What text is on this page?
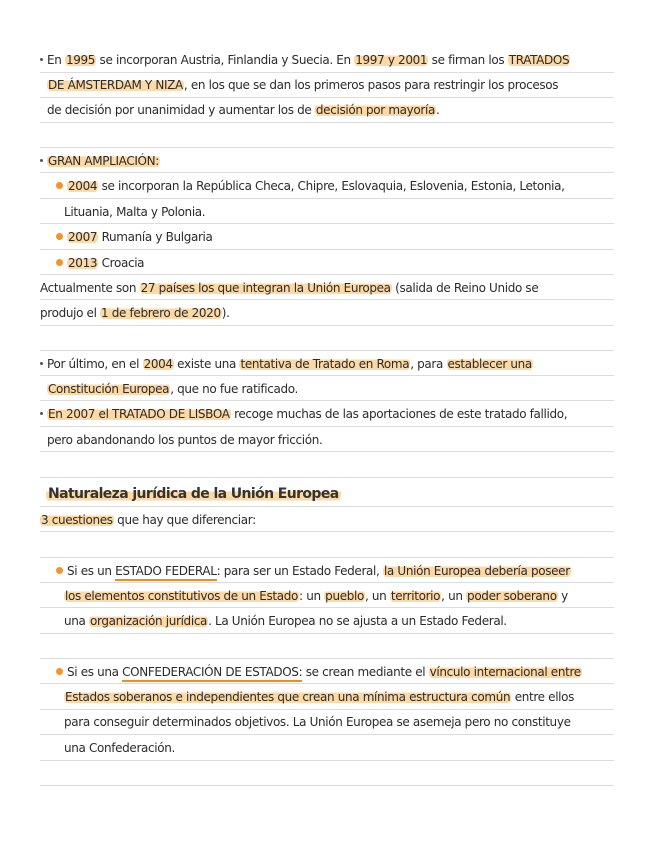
En 1995 se incorporan Austria, Finlandia y Suecia. En 1997 y 2001 se firman los TRATADOS
DE ÁMSTERDAM Y NIZA, en los que se dan los primeros pasos para restringir los procesos
de decisión por unanimidad y aumentar los de decisión por mayoría.
GRAN AMPLIACIÓN:
2004 se incorporan la República Checa, Chipre, Eslovaquia, Eslovenia, Estonia, Letonia,
Lituania, Malta y Polonia.
2007 Rumanía y Bulgaria
2013 Croacia
Actualmente son 27 países los que integran la Unión Europea (salida de Reino Unido se
produjo el 1 de febrero de 2020).
Por último, en el 2004 existe una tentativa de Tratado en Roma, para establecer una
Constitución Europea, que no fue ratificado.
En 2007 el TRATADO DE LISBOA recoge muchas de las aportaciones de este tratado fallido,
pero abandonando los puntos de mayor fricción.
Naturaleza jurídica de la Unión Europea
3 cuestiones que hay que diferenciar:
Si es un ESTADO FEDERAL: para ser un Estado Federal, la Unión Europea debería poseer
los elementos constitutivos de un Estado: un pueblo, un territorio, un poder soberano y
una organización jurídica. La Unión Europea no se ajusta a un Estado Federal.
Si es una CONFEDERACIÓN DE ESTADOS: se crean mediante el vínculo internacional entre
Estados soberanos e independientes que crean una mínima estructura común entre ellos
para conseguir determinados objetivos. La Unión Europea se asemeja pero no constituye
una Confederación.
